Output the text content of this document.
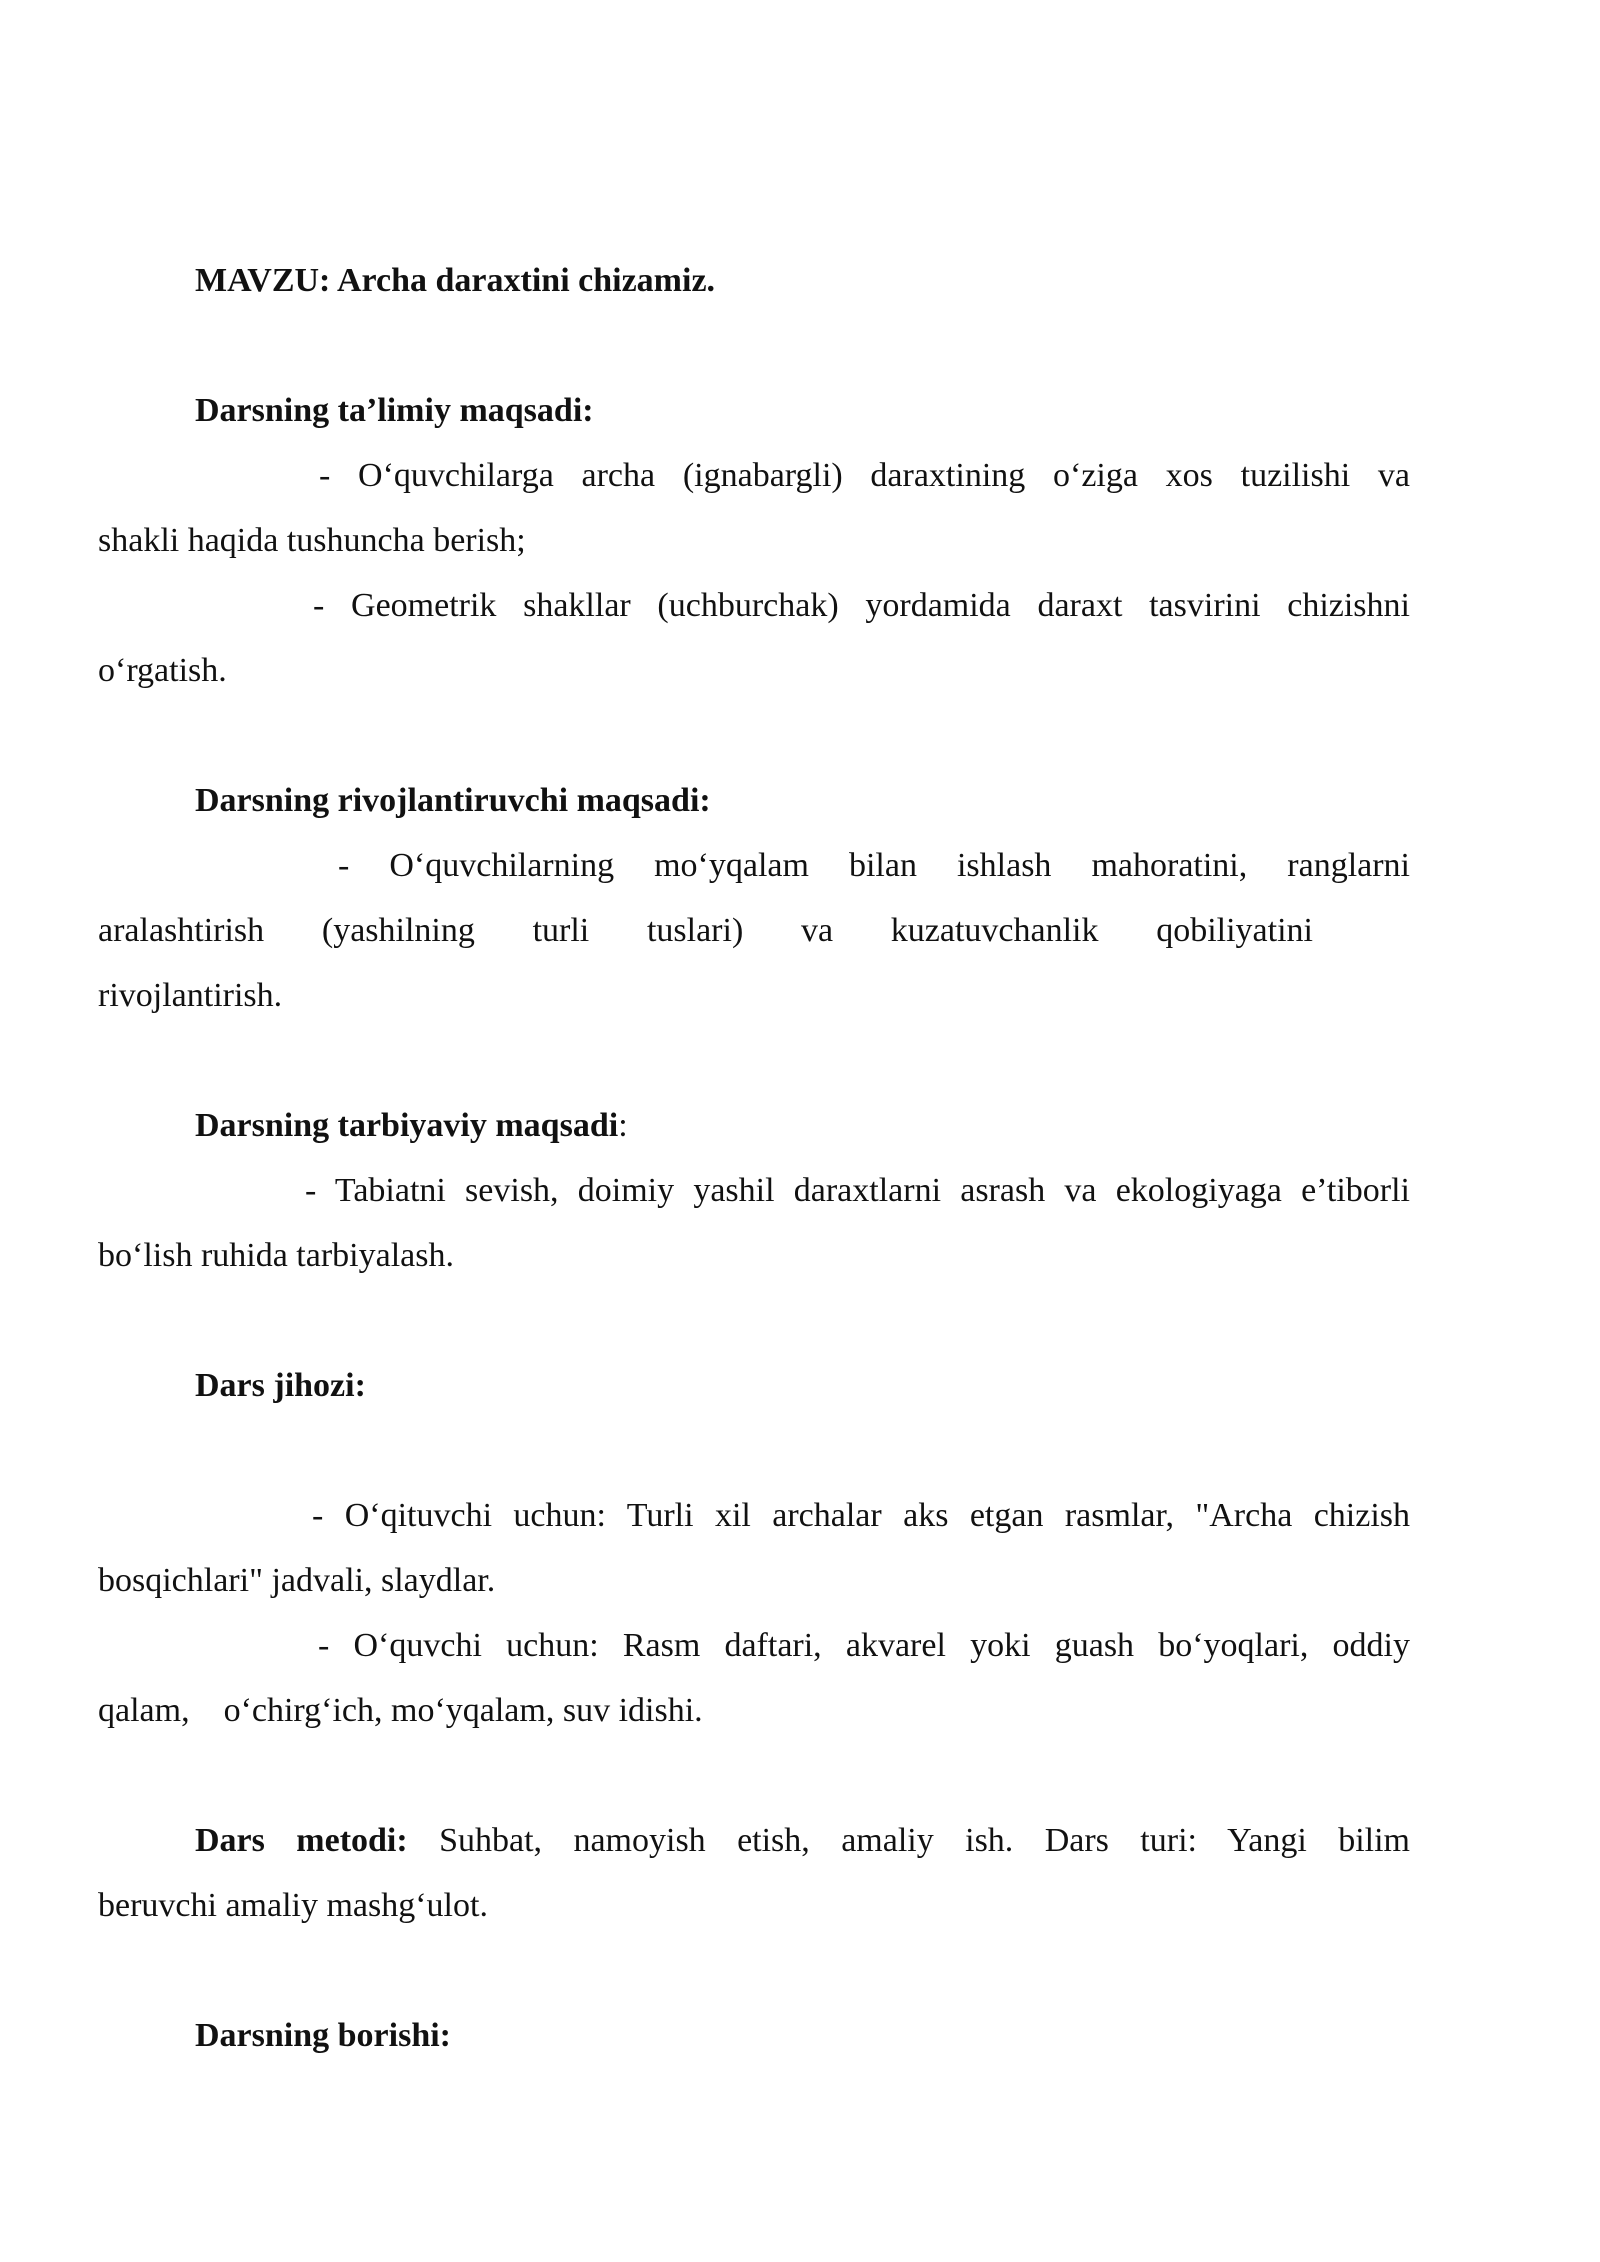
MAVZU: Archa daraxtini chizamiz.
Darsning ta’limiy maqsadi:
- O‘quvchilarga archa (ignabargli) daraxtining o‘ziga xos tuzilishi va
shakli haqida tushuncha berish;
- Geometrik shakllar (uchburchak) yordamida daraxt tasvirini chizishni
o‘rgatish.
Darsning rivojlantiruvchi maqsadi:
- O‘quvchilarning mo‘yqalam bilan ishlash mahoratini, ranglarni
aralashtirish (yashilning turli tuslari) va kuzatuvchanlik qobiliyatini
rivojlantirish.
Darsning tarbiyaviy maqsadi:
- Tabiatni sevish, doimiy yashil daraxtlarni asrash va ekologiyaga e’tiborli
bo‘lish ruhida tarbiyalash.
Dars jihozi:
- O‘qituvchi uchun: Turli xil archalar aks etgan rasmlar, "Archa chizish
bosqichlari" jadvali, slaydlar.
- O‘quvchi uchun: Rasm daftari, akvarel yoki guash bo‘yoqlari, oddiy
qalam,    o‘chirg‘ich, mo‘yqalam, suv idishi.
Dars metodi: Suhbat, namoyish etish, amaliy ish. Dars turi: Yangi bilim
beruvchi amaliy mashg‘ulot.
Darsning borishi:
